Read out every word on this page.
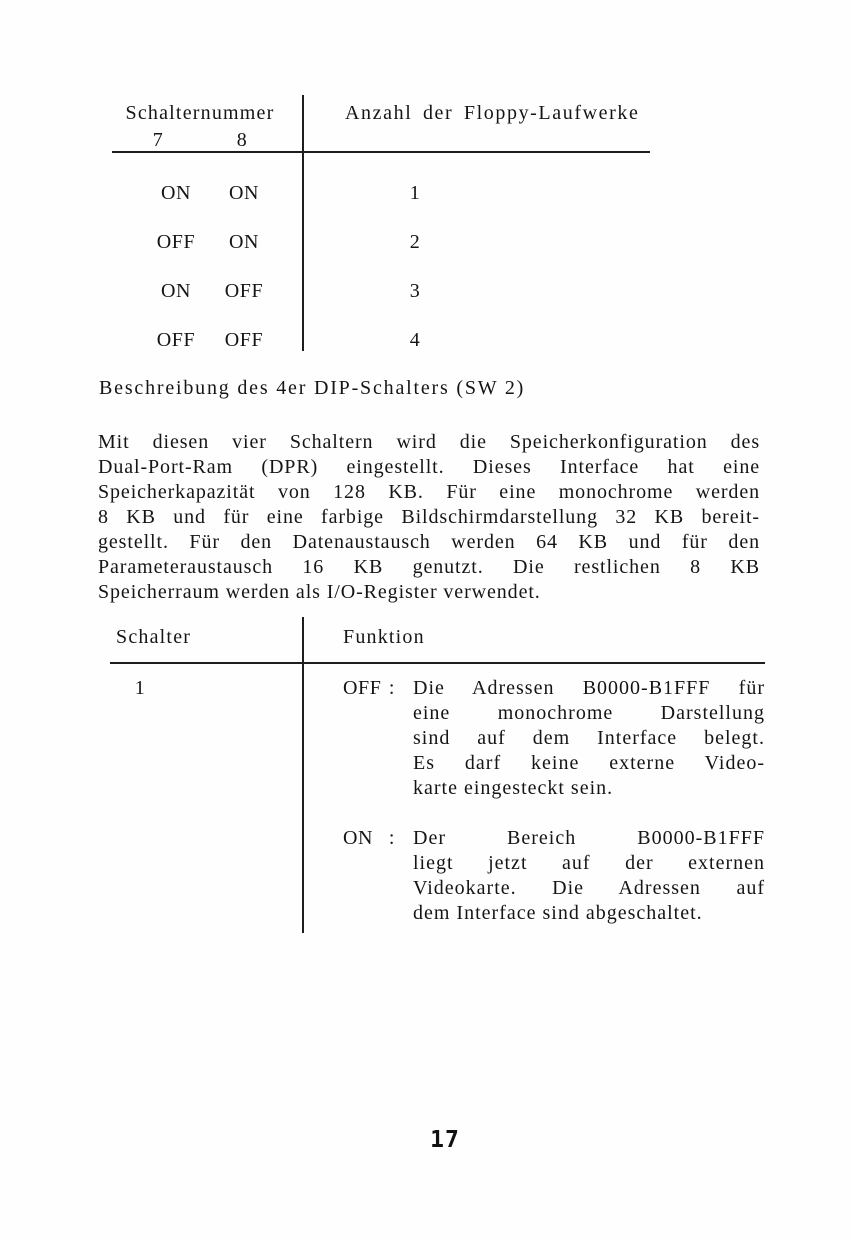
Schalternummer
7	8
Anzahl der Floppy-Laufwerke
ON	ON	1
OFF	ON	2
ON	OFF	3
OFF	OFF	4
Beschreibung des 4er DIP-Schalters (SW 2)
Mit diesen vier Schaltern wird die Speicherkonfiguration des
Dual-Port-Ram (DPR) eingestellt. Dieses Interface hat eine
Speicherkapazität von 128 KB. Für eine monochrome werden
8 KB und für eine farbige Bildschirmdarstellung 32 KB bereit-
gestellt. Für den Datenaustausch werden 64 KB und für den
Parameteraustausch 16 KB genutzt. Die restlichen 8 KB
Speicherraum werden als I/O-Register verwendet.
Schalter	Funktion
1	OFF : Die Adressen B0000-B1FFF für
eine monochrome Darstellung
sind auf dem Interface belegt.
Es darf keine externe Video-
karte eingesteckt sein.
ON : Der Bereich B0000-B1FFF
liegt jetzt auf der externen
Videokarte. Die Adressen auf
dem Interface sind abgeschaltet.
17
